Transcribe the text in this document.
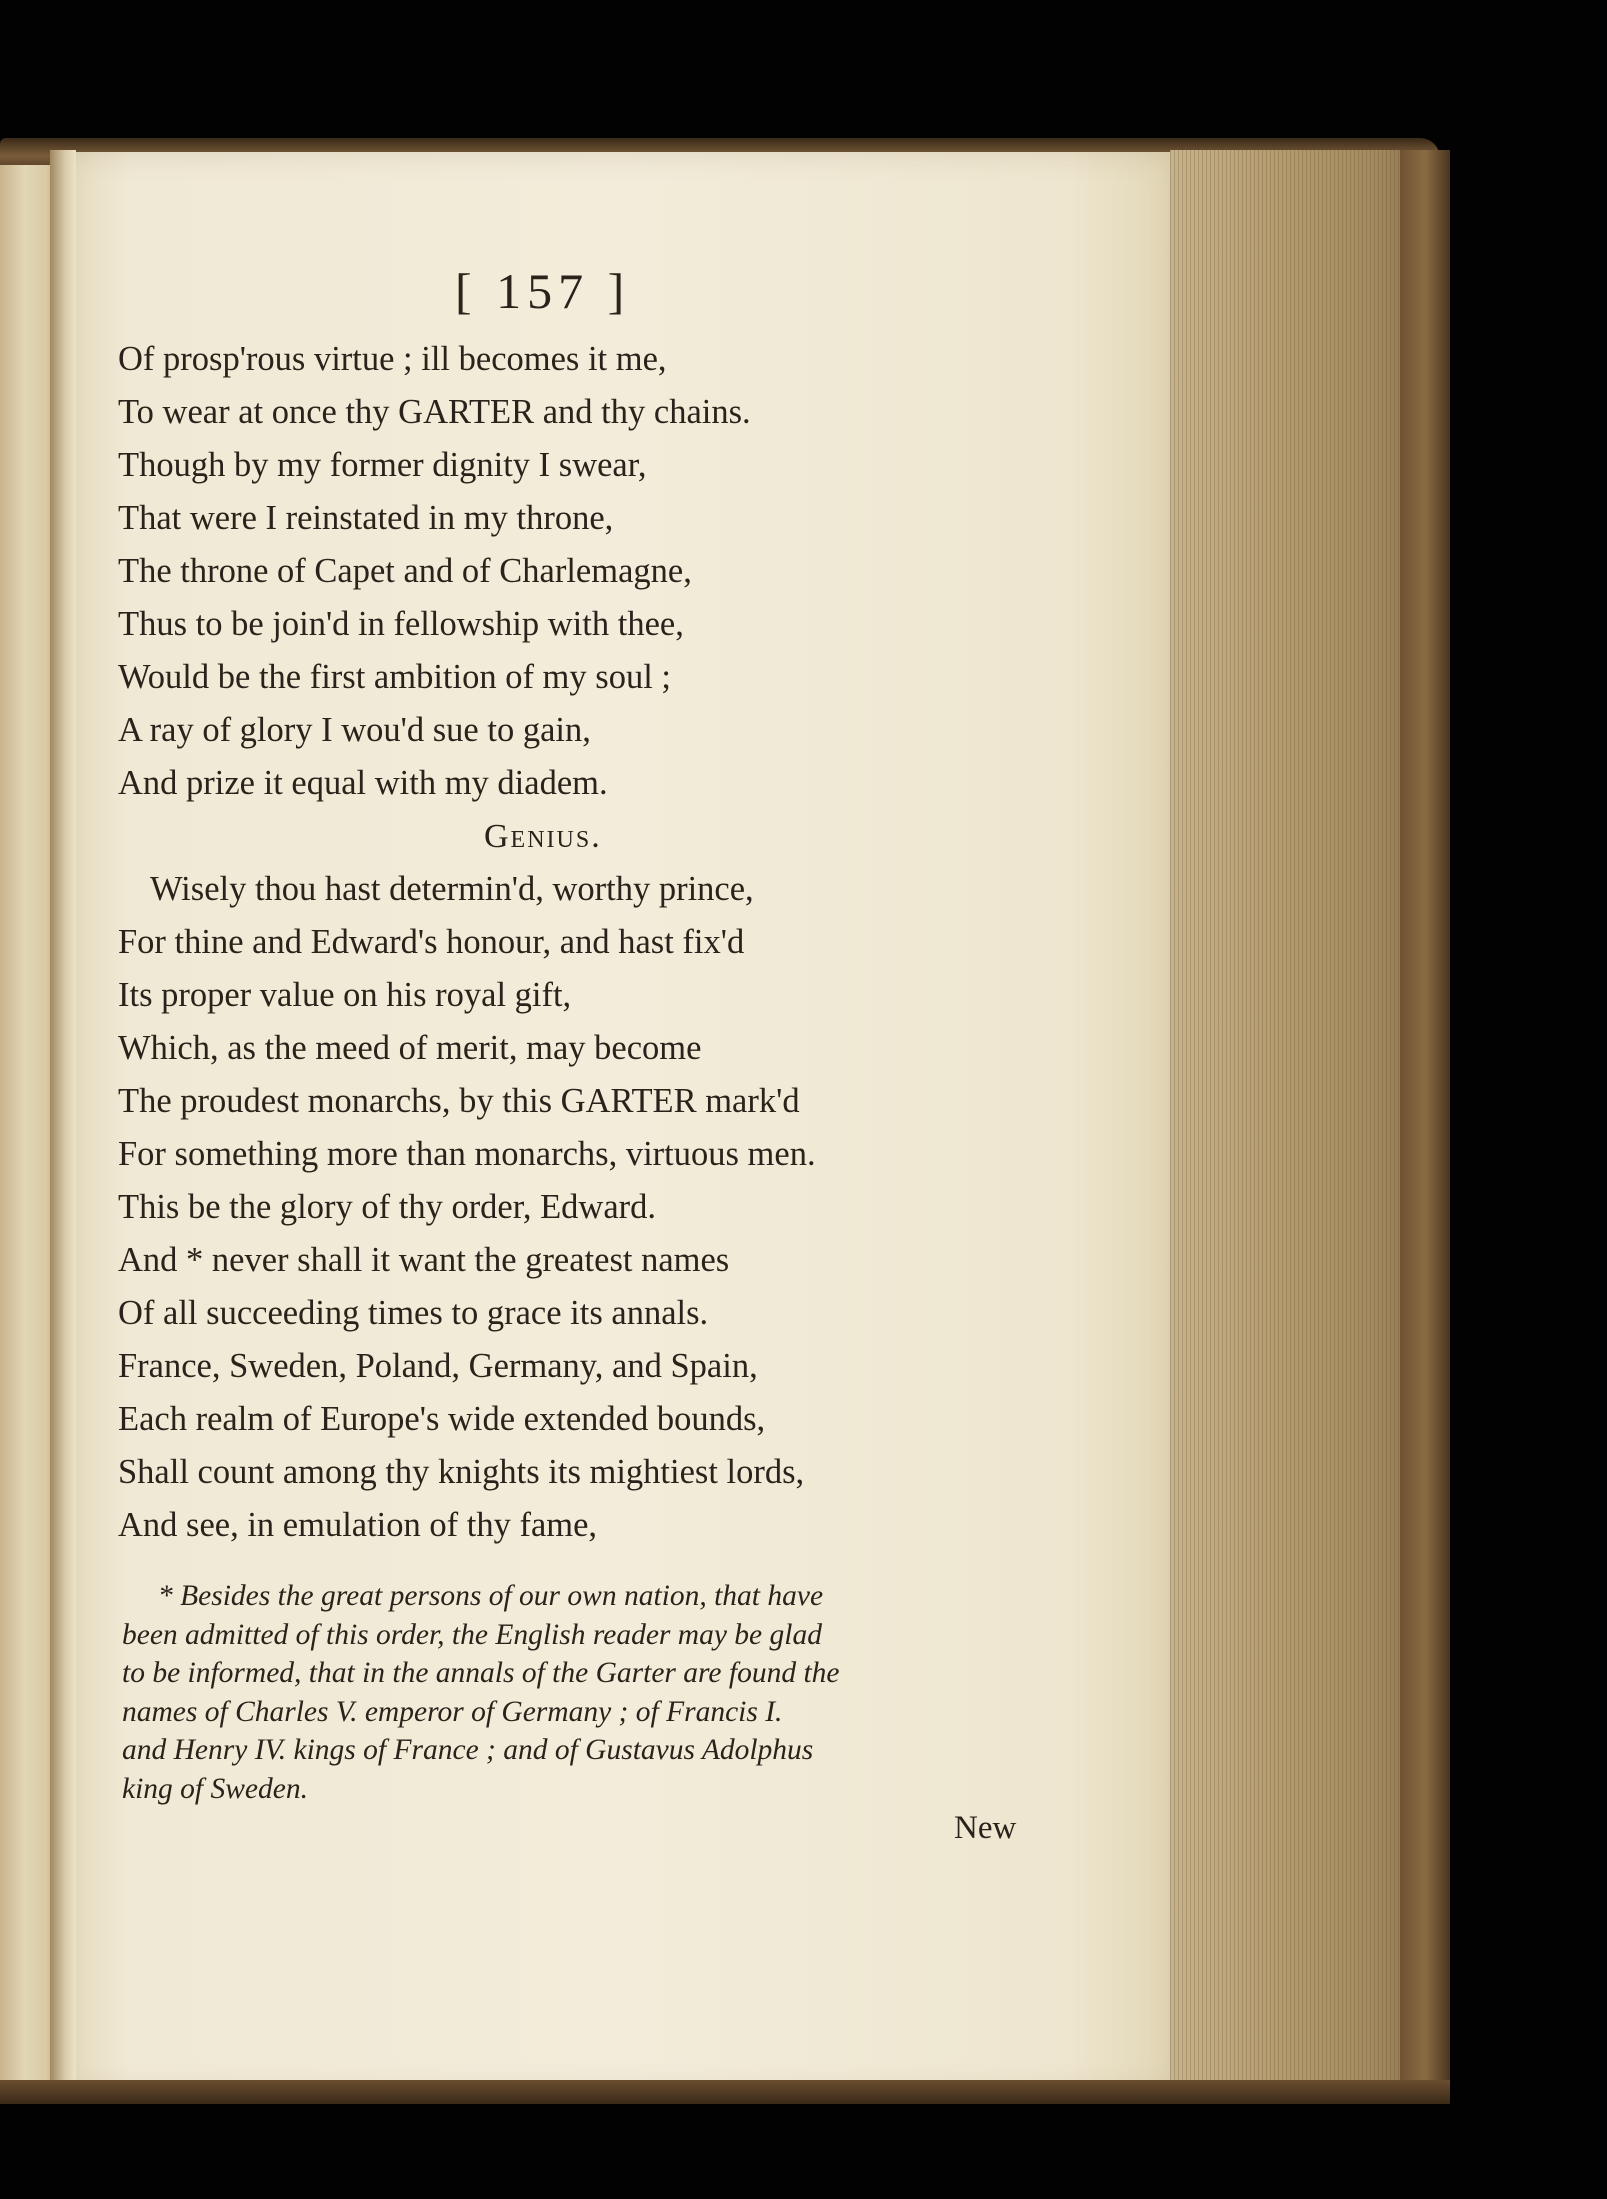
[ 157 ]
Of prosp'rous virtue ; ill becomes it me,
To wear at once thy GARTER and thy chains.
Though by my former dignity I swear,
That were I reinstated in my throne,
The throne of Capet and of Charlemagne,
Thus to be join'd in fellowship with thee,
Would be the first ambition of my soul ;
A ray of glory I wou'd sue to gain,
And prize it equal with my diadem.
Genius.
Wisely thou hast determin'd, worthy prince,
For thine and Edward's honour, and hast fix'd
Its proper value on his royal gift,
Which, as the meed of merit, may become
The proudest monarchs, by this GARTER mark'd
For something more than monarchs, virtuous men.
This be the glory of thy order, Edward.
And * never shall it want the greatest names
Of all succeeding times to grace its annals.
France, Sweden, Poland, Germany, and Spain,
Each realm of Europe's wide extended bounds,
Shall count among thy knights its mightiest lords,
And see, in emulation of thy fame,
* Besides the great persons of our own nation, that have
been admitted of this order, the English reader may be glad
to be informed, that in the annals of the Garter are found the
names of Charles V. emperor of Germany ; of Francis I.
and Henry IV. kings of France ; and of Gustavus Adolphus
king of Sweden.
New
